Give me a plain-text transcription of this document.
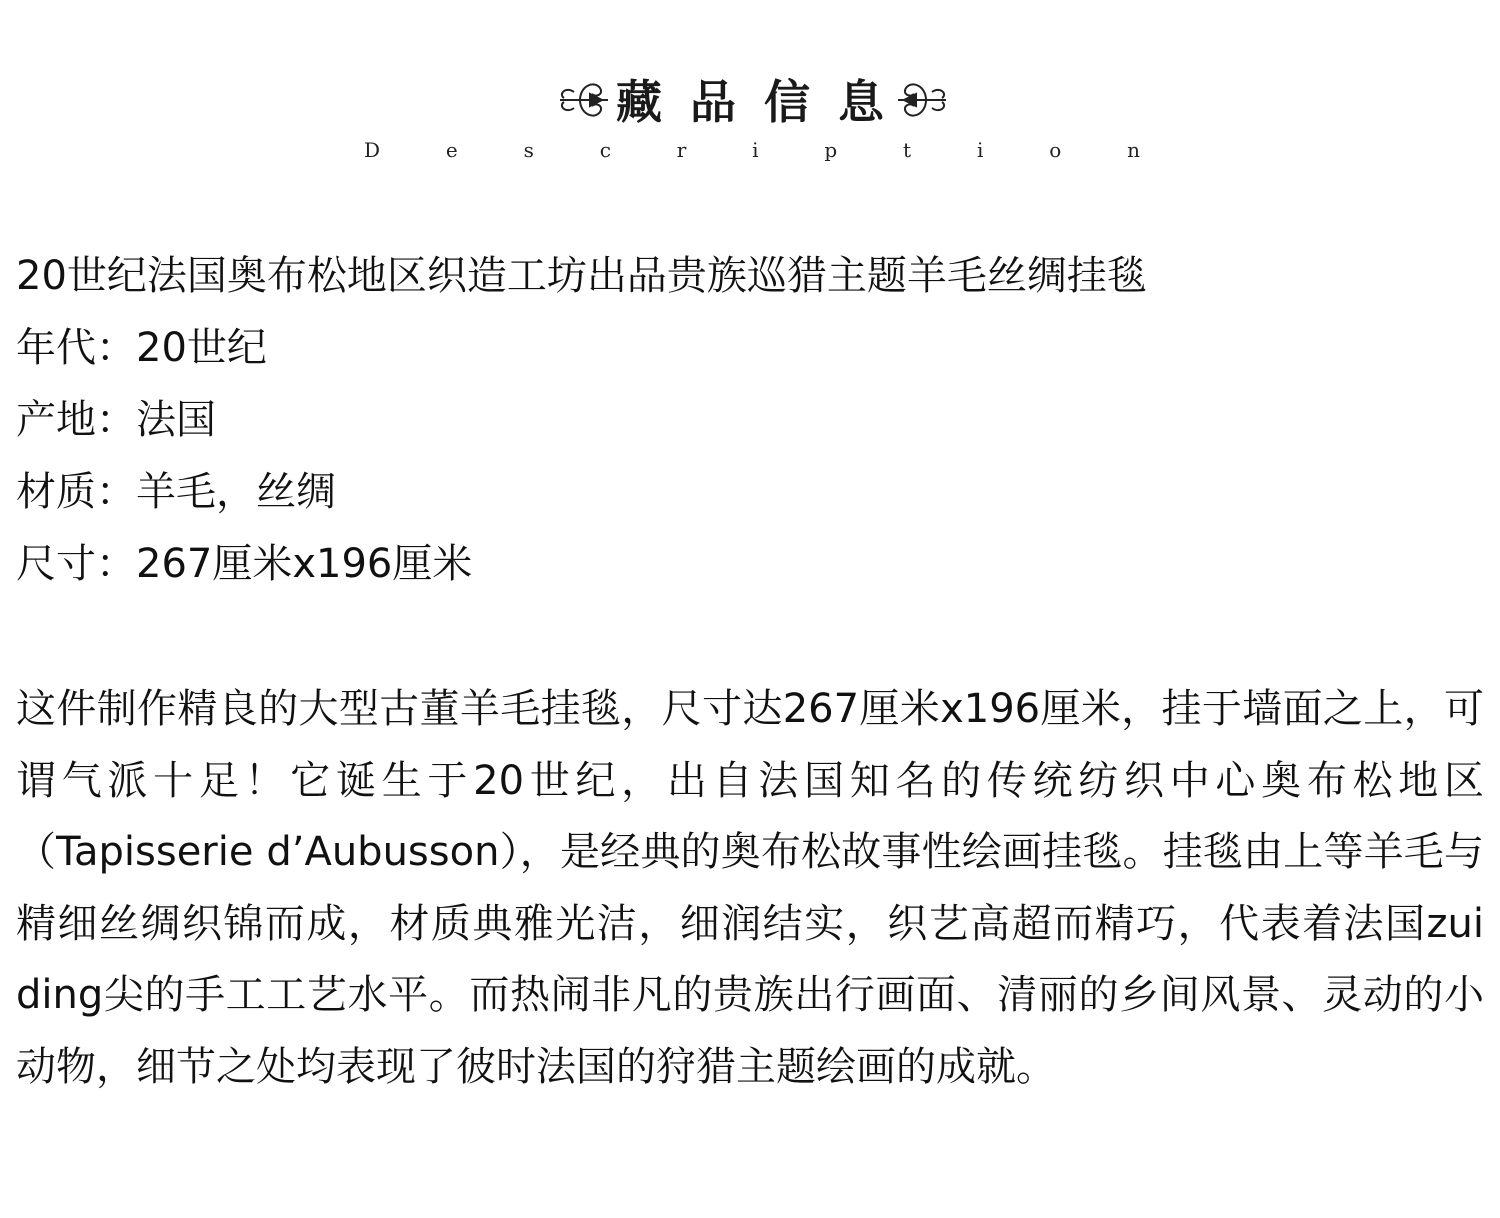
藏品信息
D	e	s	c	r	i	p	t	i	o	n
20世纪法国奥布松地区织造工坊出品贵族巡猎主题羊毛丝绸挂毯
年代：20世纪
产地：法国
材质：羊毛，丝绸
尺寸：267厘米x196厘米
这件制作精良的大型古董羊毛挂毯，尺寸达267厘米x196厘米，挂于墙面之上，可谓气派十足！它诞生于20世纪，出自法国知名的传统纺织中心奥布松地区（Tapisserie d’Aubusson），是经典的奥布松故事性绘画挂毯。挂毯由上等羊毛与精细丝绸织锦而成，材质典雅光洁，细润结实，织艺高超而精巧，代表着法国zui ding尖的手工工艺水平。而热闹非凡的贵族出行画面、清丽的乡间风景、灵动的小动物，细节之处均表现了彼时法国的狩猎主题绘画的成就。
